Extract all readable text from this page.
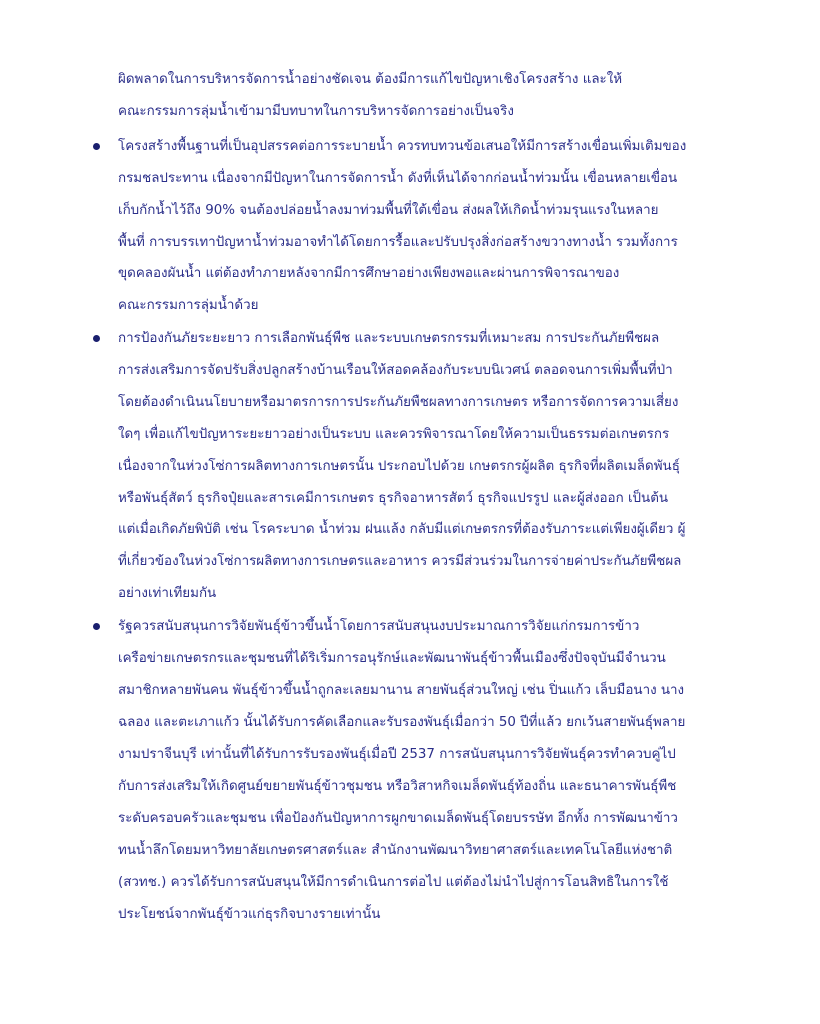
ผิดพลาดในการบริหารจัดการน้ำอย่างชัดเจน ต้องมีการแก้ไขปัญหาเชิงโครงสร้าง และให้
คณะกรรมการลุ่มน้ำเข้ามามีบทบาทในการบริหารจัดการอย่างเป็นจริง
โครงสร้างพื้นฐานที่เป็นอุปสรรคต่อการระบายน้ำ ควรทบทวนข้อเสนอให้มีการสร้างเขื่อนเพิ่มเติมของ
กรมชลประทาน เนื่องจากมีปัญหาในการจัดการน้ำ ดังที่เห็นได้จากก่อนน้ำท่วมนั้น เขื่อนหลายเขื่อน
เก็บกักน้ำไว้ถึง 90% จนต้องปล่อยน้ำลงมาท่วมพื้นที่ใต้เขื่อน ส่งผลให้เกิดน้ำท่วมรุนแรงในหลาย
พื้นที่ การบรรเทาปัญหาน้ำท่วมอาจทำได้โดยการรื้อและปรับปรุงสิ่งก่อสร้างขวางทางน้ำ รวมทั้งการ
ขุดคลองผันน้ำ แต่ต้องทำภายหลังจากมีการศึกษาอย่างเพียงพอและผ่านการพิจารณาของ
คณะกรรมการลุ่มน้ำด้วย
การป้องกันภัยระยะยาว การเลือกพันธุ์พืช และระบบเกษตรกรรมที่เหมาะสม การประกันภัยพืชผล
การส่งเสริมการจัดปรับสิ่งปลูกสร้างบ้านเรือนให้สอดคล้องกับระบบนิเวศน์ ตลอดจนการเพิ่มพื้นที่ป่า
โดยต้องดำเนินนโยบายหรือมาตรการการประกันภัยพืชผลทางการเกษตร หรือการจัดการความเสี่ยง
ใดๆ เพื่อแก้ไขปัญหาระยะยาวอย่างเป็นระบบ และควรพิจารณาโดยให้ความเป็นธรรมต่อเกษตรกร
เนื่องจากในห่วงโซ่การผลิตทางการเกษตรนั้น ประกอบไปด้วย เกษตรกรผู้ผลิต ธุรกิจที่ผลิตเมล็ดพันธุ์
หรือพันธุ์สัตว์ ธุรกิจปุ๋ยและสารเคมีการเกษตร ธุรกิจอาหารสัตว์ ธุรกิจแปรรูป และผู้ส่งออก เป็นต้น
แต่เมื่อเกิดภัยพิบัติ เช่น โรคระบาด น้ำท่วม ฝนแล้ง กลับมีแต่เกษตรกรที่ต้องรับภาระแต่เพียงผู้เดียว ผู้
ที่เกี่ยวข้องในห่วงโซ่การผลิตทางการเกษตรและอาหาร ควรมีส่วนร่วมในการจ่ายค่าประกันภัยพืชผล
อย่างเท่าเทียมกัน
รัฐควรสนับสนุนการวิจัยพันธุ์ข้าวขึ้นน้ำโดยการสนับสนุนงบประมาณการวิจัยแก่กรมการข้าว
เครือข่ายเกษตรกรและชุมชนที่ได้ริเริ่มการอนุรักษ์และพัฒนาพันธุ์ข้าวพื้นเมืองซึ่งปัจจุบันมีจำนวน
สมาชิกหลายพันคน พันธุ์ข้าวขึ้นน้ำถูกละเลยมานาน สายพันธุ์ส่วนใหญ่ เช่น ปิ่นแก้ว เล็บมือนาง นาง
ฉลอง และตะเภาแก้ว นั้นได้รับการคัดเลือกและรับรองพันธุ์เมื่อกว่า 50 ปีที่แล้ว ยกเว้นสายพันธุ์พลาย
งามปราจีนบุรี เท่านั้นที่ได้รับการรับรองพันธุ์เมื่อปี 2537 การสนับสนุนการวิจัยพันธุ์ควรทำควบคู่ไป
กับการส่งเสริมให้เกิดศูนย์ขยายพันธุ์ข้าวชุมชน หรือวิสาหกิจเมล็ดพันธุ์ท้องถิ่น และธนาคารพันธุ์พืช
ระดับครอบครัวและชุมชน เพื่อป้องกันปัญหาการผูกขาดเมล็ดพันธุ์โดยบรรษัท อีกทั้ง การพัฒนาข้าว
ทนน้ำลึกโดยมหาวิทยาลัยเกษตรศาสตร์และ สำนักงานพัฒนาวิทยาศาสตร์และเทคโนโลยีแห่งชาติ
(สวทช.) ควรได้รับการสนับสนุนให้มีการดำเนินการต่อไป แต่ต้องไม่นำไปสู่การโอนสิทธิในการใช้
ประโยชน์จากพันธุ์ข้าวแก่ธุรกิจบางรายเท่านั้น
